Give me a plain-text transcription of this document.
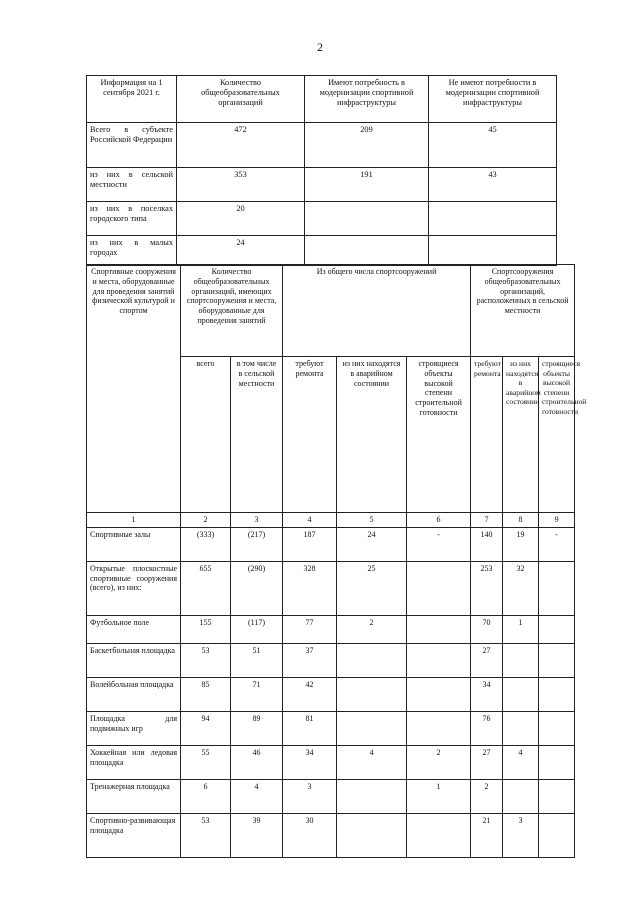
2
Информация на 1 сентября 2021 г.	Количество общеобразовательных организаций	Имеют потребность в модернизации спортивной инфраструктуры	Не имеют потребности в модернизации спортивной инфраструктуры
Всего в субъекте Российской Федерации	472	209	45
из них в сельской местности	353	191	43
из них в поселках городского типа	20		
из них в малых городах	24		
Спортивные сооружения и места, оборудованные для проведения занятий физической культурой и спортом	Количество общеобразовательных организаций, имеющих спортсооружения и места, оборудованные для проведения занятий		Из общего числа спортсооружений			Спортсооружения общеобразовательных организаций, расположенных в сельской местности		
	всего	в том числе в сельской местности	требуют ремонта	из них находятся в аварийном состоянии	строящиеся объекты высокой степени строительной готовности	требуют ремонта	из них находятся в аварийном состоянии	строящиеся объекты высокой степени строительной готовности
1	2	3	4	5	6	7	8	9
Спортивные залы	(333)	(217)	187	24	-	140	19	-
Открытые плоскостные спортивные сооружения (всего), из них:	655	(290)	328	25		253	32	
Футбольное поле	155	(117)	77	2		70	1	
Баскетбольная площадка	53	51	37			27		
Волейбольная площадка	85	71	42			34		
Площадка для подвижных игр	94	89	81			76		
Хоккейная или ледовая площадка	55	46	34	4	2	27	4	
Тренажерная площадка	6	4	3		1	2		
Спортивно-развивающая площадка	53	39	30			21	3	
